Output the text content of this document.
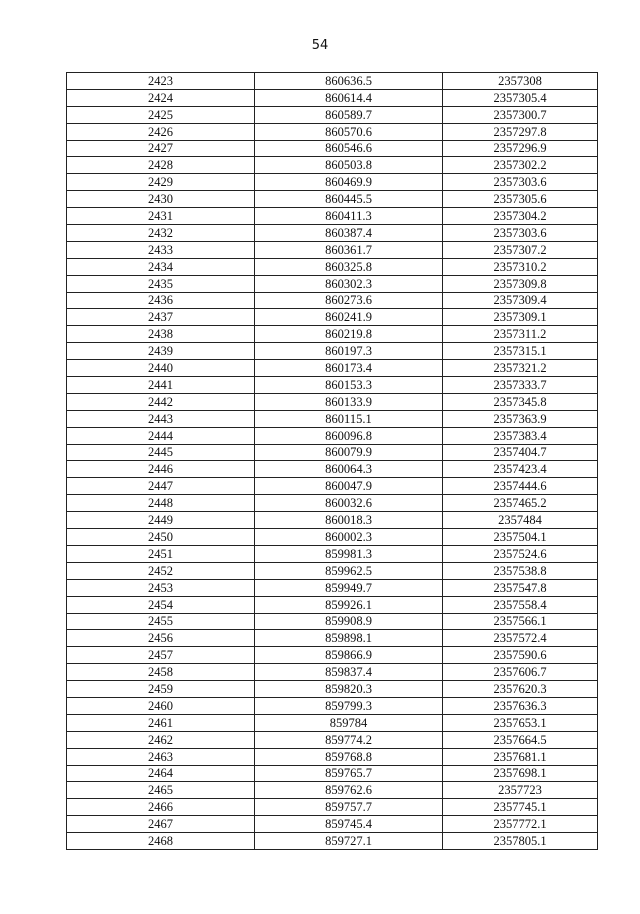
54
2423	860636.5	2357308
2424	860614.4	2357305.4
2425	860589.7	2357300.7
2426	860570.6	2357297.8
2427	860546.6	2357296.9
2428	860503.8	2357302.2
2429	860469.9	2357303.6
2430	860445.5	2357305.6
2431	860411.3	2357304.2
2432	860387.4	2357303.6
2433	860361.7	2357307.2
2434	860325.8	2357310.2
2435	860302.3	2357309.8
2436	860273.6	2357309.4
2437	860241.9	2357309.1
2438	860219.8	2357311.2
2439	860197.3	2357315.1
2440	860173.4	2357321.2
2441	860153.3	2357333.7
2442	860133.9	2357345.8
2443	860115.1	2357363.9
2444	860096.8	2357383.4
2445	860079.9	2357404.7
2446	860064.3	2357423.4
2447	860047.9	2357444.6
2448	860032.6	2357465.2
2449	860018.3	2357484
2450	860002.3	2357504.1
2451	859981.3	2357524.6
2452	859962.5	2357538.8
2453	859949.7	2357547.8
2454	859926.1	2357558.4
2455	859908.9	2357566.1
2456	859898.1	2357572.4
2457	859866.9	2357590.6
2458	859837.4	2357606.7
2459	859820.3	2357620.3
2460	859799.3	2357636.3
2461	859784	2357653.1
2462	859774.2	2357664.5
2463	859768.8	2357681.1
2464	859765.7	2357698.1
2465	859762.6	2357723
2466	859757.7	2357745.1
2467	859745.4	2357772.1
2468	859727.1	2357805.1
